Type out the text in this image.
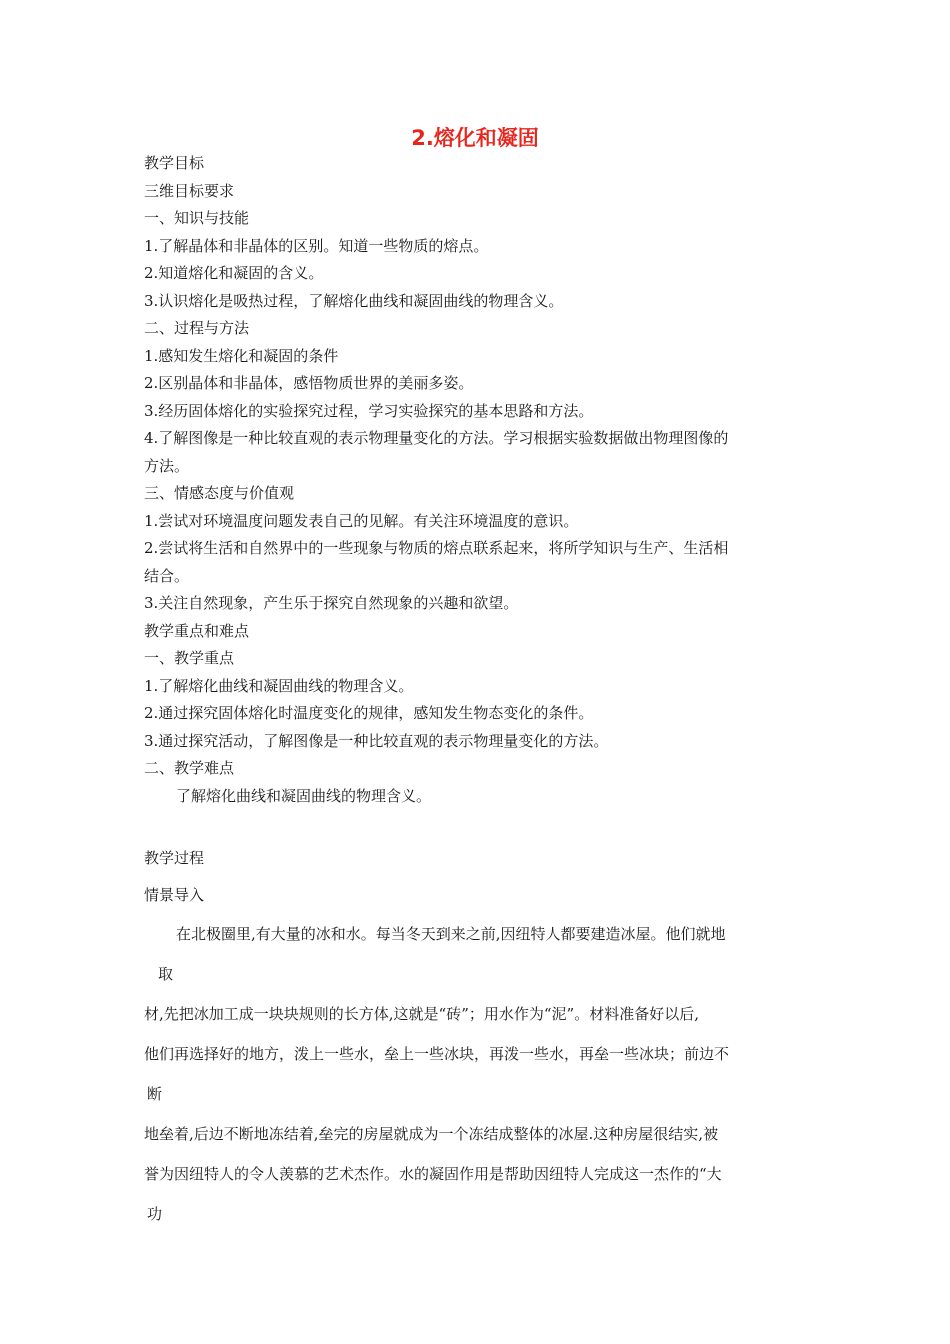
2.熔化和凝固
教学目标
三维目标要求
一、知识与技能
1.了解晶体和非晶体的区别。知道一些物质的熔点。
2.知道熔化和凝固的含义。
3.认识熔化是吸热过程，了解熔化曲线和凝固曲线的物理含义。
二、过程与方法
1.感知发生熔化和凝固的条件
2.区别晶体和非晶体，感悟物质世界的美丽多姿。
3.经历固体熔化的实验探究过程，学习实验探究的基本思路和方法。
4.了解图像是一种比较直观的表示物理量变化的方法。学习根据实验数据做出物理图像的
方法。
三、情感态度与价值观
1.尝试对环境温度问题发表自己的见解。有关注环境温度的意识。
2.尝试将生活和自然界中的一些现象与物质的熔点联系起来，将所学知识与生产、生活相
结合。
3.关注自然现象，产生乐于探究自然现象的兴趣和欲望。
教学重点和难点
一、教学重点
1.了解熔化曲线和凝固曲线的物理含义。
2.通过探究固体熔化时温度变化的规律，感知发生物态变化的条件。
3.通过探究活动，了解图像是一种比较直观的表示物理量变化的方法。
二、教学难点
了解熔化曲线和凝固曲线的物理含义。
教学过程
情景导入
在北极圈里,有大量的冰和水。每当冬天到来之前,因纽特人都要建造冰屋。他们就地
取
材,先把冰加工成一块块规则的长方体,这就是“砖”；用水作为“泥”。材料准备好以后,
他们再选择好的地方，泼上一些水，垒上一些冰块，再泼一些水，再垒一些冰块；前边不
断
地垒着,后边不断地冻结着,垒完的房屋就成为一个冻结成整体的冰屋.这种房屋很结实,被
誉为因纽特人的令人羡慕的艺术杰作。水的凝固作用是帮助因纽特人完成这一杰作的“大
功
